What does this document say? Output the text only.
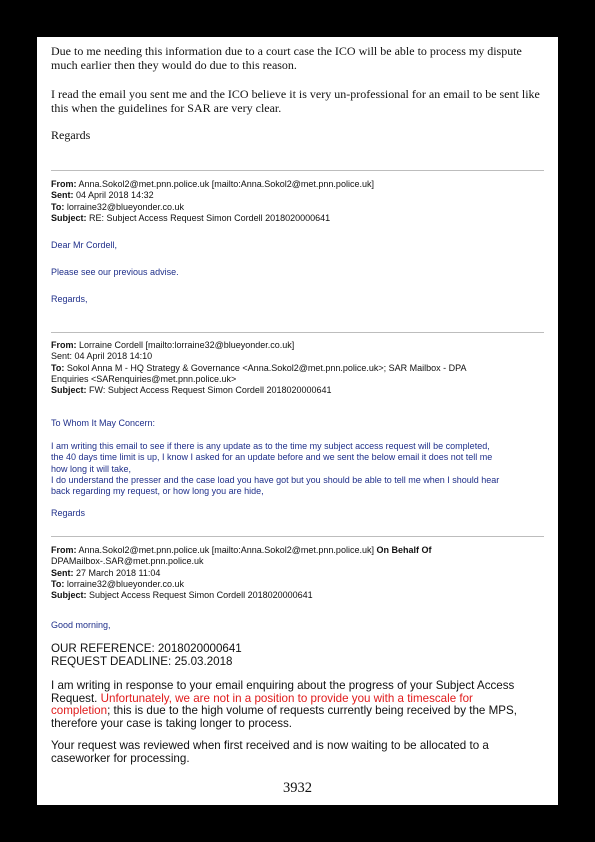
Due to me needing this information due to a court case the ICO will be able to process my dispute much earlier then they would do due to this reason.

I read the email you sent me and the ICO believe it is very un-professional for an email to be sent like this when the guidelines for SAR are very clear.

Regards

From: Anna.Sokol2@met.pnn.police.uk [mailto:Anna.Sokol2@met.pnn.police.uk]
Sent: 04 April 2018 14:32
To: lorraine32@blueyonder.co.uk
Subject: RE: Subject Access Request Simon Cordell 2018020000641

Dear Mr Cordell,

Please see our previous advise.

Regards,

From: Lorraine Cordell [mailto:lorraine32@blueyonder.co.uk]
Sent: 04 April 2018 14:10
To: Sokol Anna M - HQ Strategy & Governance <Anna.Sokol2@met.pnn.police.uk>; SAR Mailbox - DPA
Enquiries <SARenquiries@met.pnn.police.uk>
Subject: FW: Subject Access Request Simon Cordell 2018020000641

To Whom It May Concern:

I am writing this email to see if there is any update as to the time my subject access request will be completed,
the 40 days time limit is up, I know I asked for an update before and we sent the below email it does not tell me
how long it will take,
I do understand the presser and the case load you have got but you should be able to tell me when I should hear
back regarding my request, or how long you are hide,

Regards

From: Anna.Sokol2@met.pnn.police.uk [mailto:Anna.Sokol2@met.pnn.police.uk] On Behalf Of
DPAMailbox-.SAR@met.pnn.police.uk
Sent: 27 March 2018 11:04
To: lorraine32@blueyonder.co.uk
Subject: Subject Access Request Simon Cordell 2018020000641

Good morning,

OUR REFERENCE: 2018020000641
REQUEST DEADLINE: 25.03.2018

I am writing in response to your email enquiring about the progress of your Subject Access Request. Unfortunately, we are not in a position to provide you with a timescale for completion; this is due to the high volume of requests currently being received by the MPS, therefore your case is taking longer to process.

Your request was reviewed when first received and is now waiting to be allocated to a caseworker for processing.

3932
